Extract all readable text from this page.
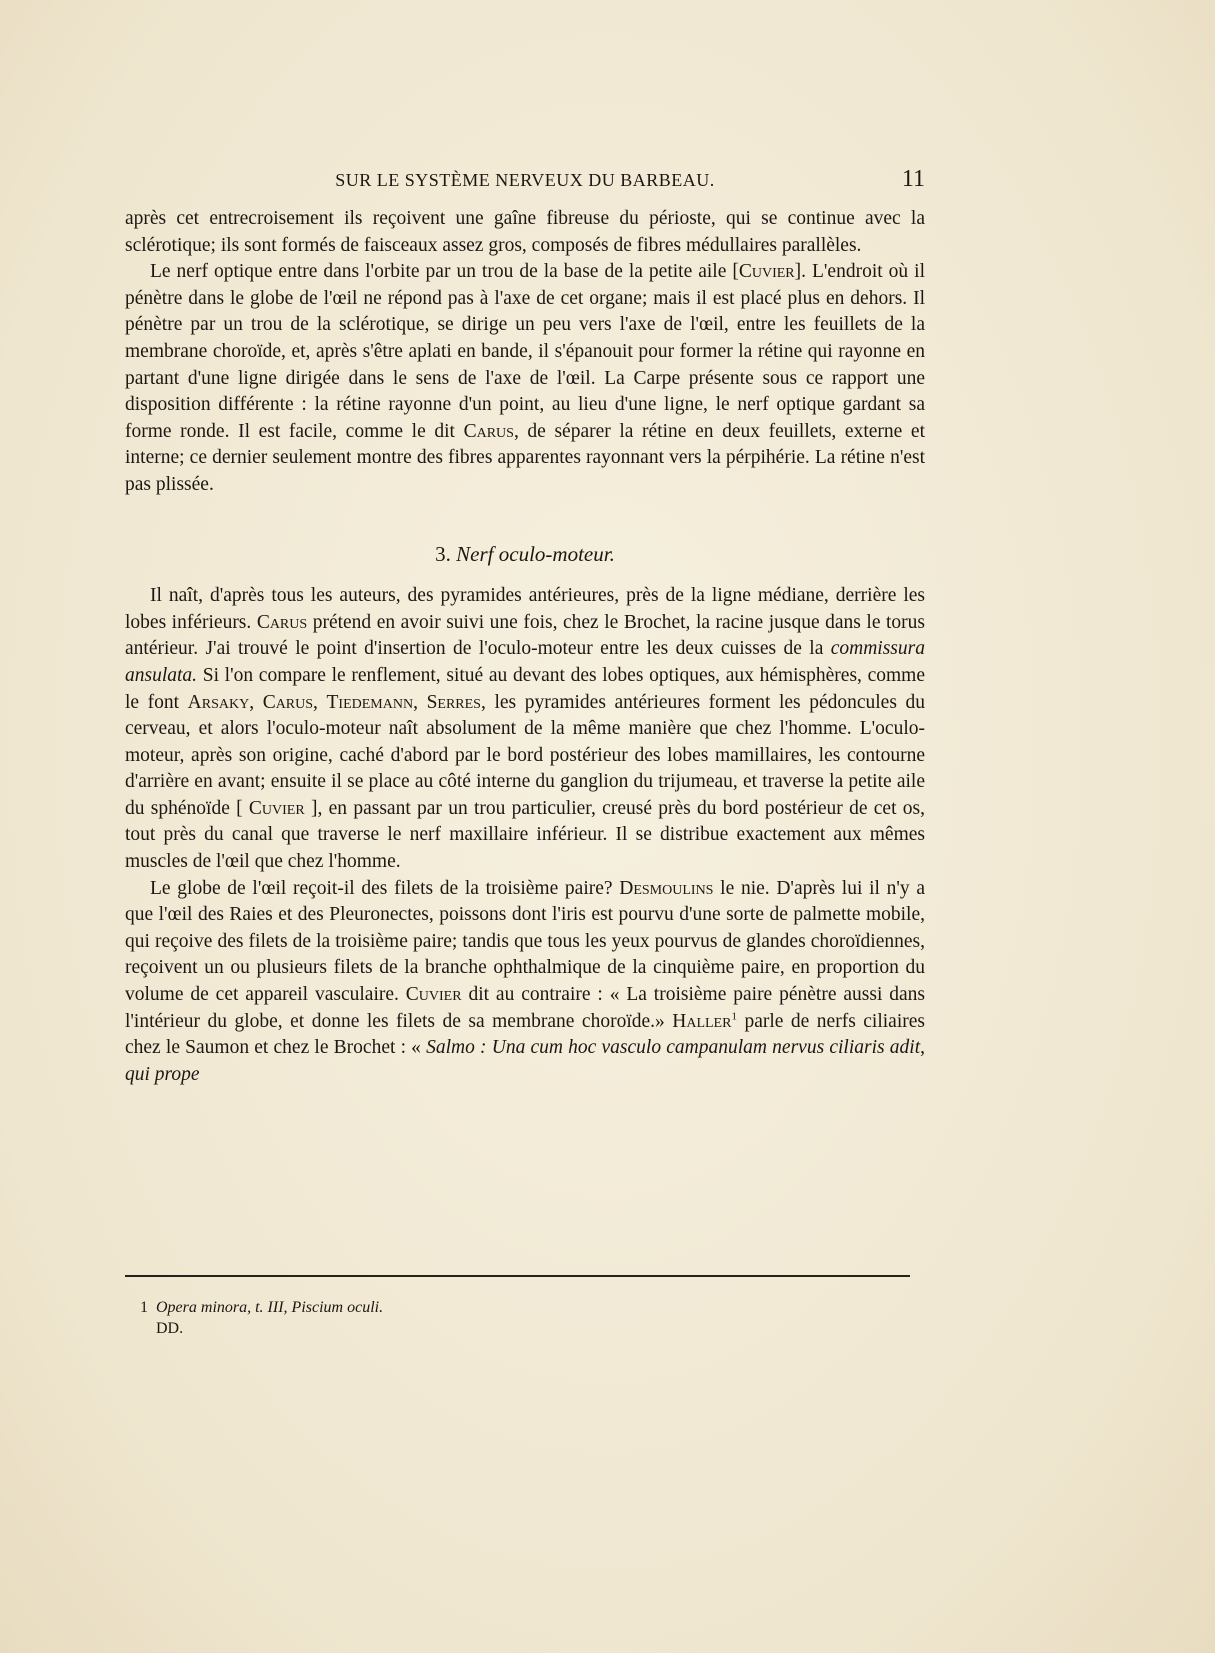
SUR LE SYSTÈME NERVEUX DU BARBEAU.	11

après cet entrecroisement ils reçoivent une gaîne fibreuse du périoste, qui se continue avec la sclérotique; ils sont formés de faisceaux assez gros, composés de fibres médullaires parallèles.

Le nerf optique entre dans l'orbite par un trou de la base de la petite aile [Cuvier]. L'endroit où il pénètre dans le globe de l'œil ne répond pas à l'axe de cet organe; mais il est placé plus en dehors. Il pénètre par un trou de la sclérotique, se dirige un peu vers l'axe de l'œil, entre les feuillets de la membrane choroïde, et, après s'être aplati en bande, il s'épanouit pour former la rétine qui rayonne en partant d'une ligne dirigée dans le sens de l'axe de l'œil. La Carpe présente sous ce rapport une disposition différente : la rétine rayonne d'un point, au lieu d'une ligne, le nerf optique gardant sa forme ronde. Il est facile, comme le dit Carus, de séparer la rétine en deux feuillets, externe et interne; ce dernier seulement montre des fibres apparentes rayonnant vers la pérpihérie. La rétine n'est pas plissée.

3. Nerf oculo-moteur.

Il naît, d'après tous les auteurs, des pyramides antérieures, près de la ligne médiane, derrière les lobes inférieurs. Carus prétend en avoir suivi une fois, chez le Brochet, la racine jusque dans le torus antérieur. J'ai trouvé le point d'insertion de l'oculo-moteur entre les deux cuisses de la commissura ansulata. Si l'on compare le renflement, situé au devant des lobes optiques, aux hémisphères, comme le font Arsaky, Carus, Tiedemann, Serres, les pyramides antérieures forment les pédoncules du cerveau, et alors l'oculo-moteur naît absolument de la même manière que chez l'homme. L'oculo-moteur, après son origine, caché d'abord par le bord postérieur des lobes mamillaires, les contourne d'arrière en avant; ensuite il se place au côté interne du ganglion du trijumeau, et traverse la petite aile du sphénoïde [ Cuvier ], en passant par un trou particulier, creusé près du bord postérieur de cet os, tout près du canal que traverse le nerf maxillaire inférieur. Il se distribue exactement aux mêmes muscles de l'œil que chez l'homme.

Le globe de l'œil reçoit-il des filets de la troisième paire? Desmoulins le nie. D'après lui il n'y a que l'œil des Raies et des Pleuronectes, poissons dont l'iris est pourvu d'une sorte de palmette mobile, qui reçoive des filets de la troisième paire; tandis que tous les yeux pourvus de glandes choroïdiennes, reçoivent un ou plusieurs filets de la branche ophthalmique de la cinquième paire, en proportion du volume de cet appareil vasculaire. Cuvier dit au contraire : « La troisième paire pénètre aussi dans l'intérieur du globe, et donne les filets de sa membrane choroïde.» Haller$^1$ parle de nerfs ciliaires chez le Saumon et chez le Brochet : « Salmo : Una cum hoc vasculo campanulam nervus ciliaris adit, qui prope

1 Opera minora, t. III, Piscium oculi.
DD.
